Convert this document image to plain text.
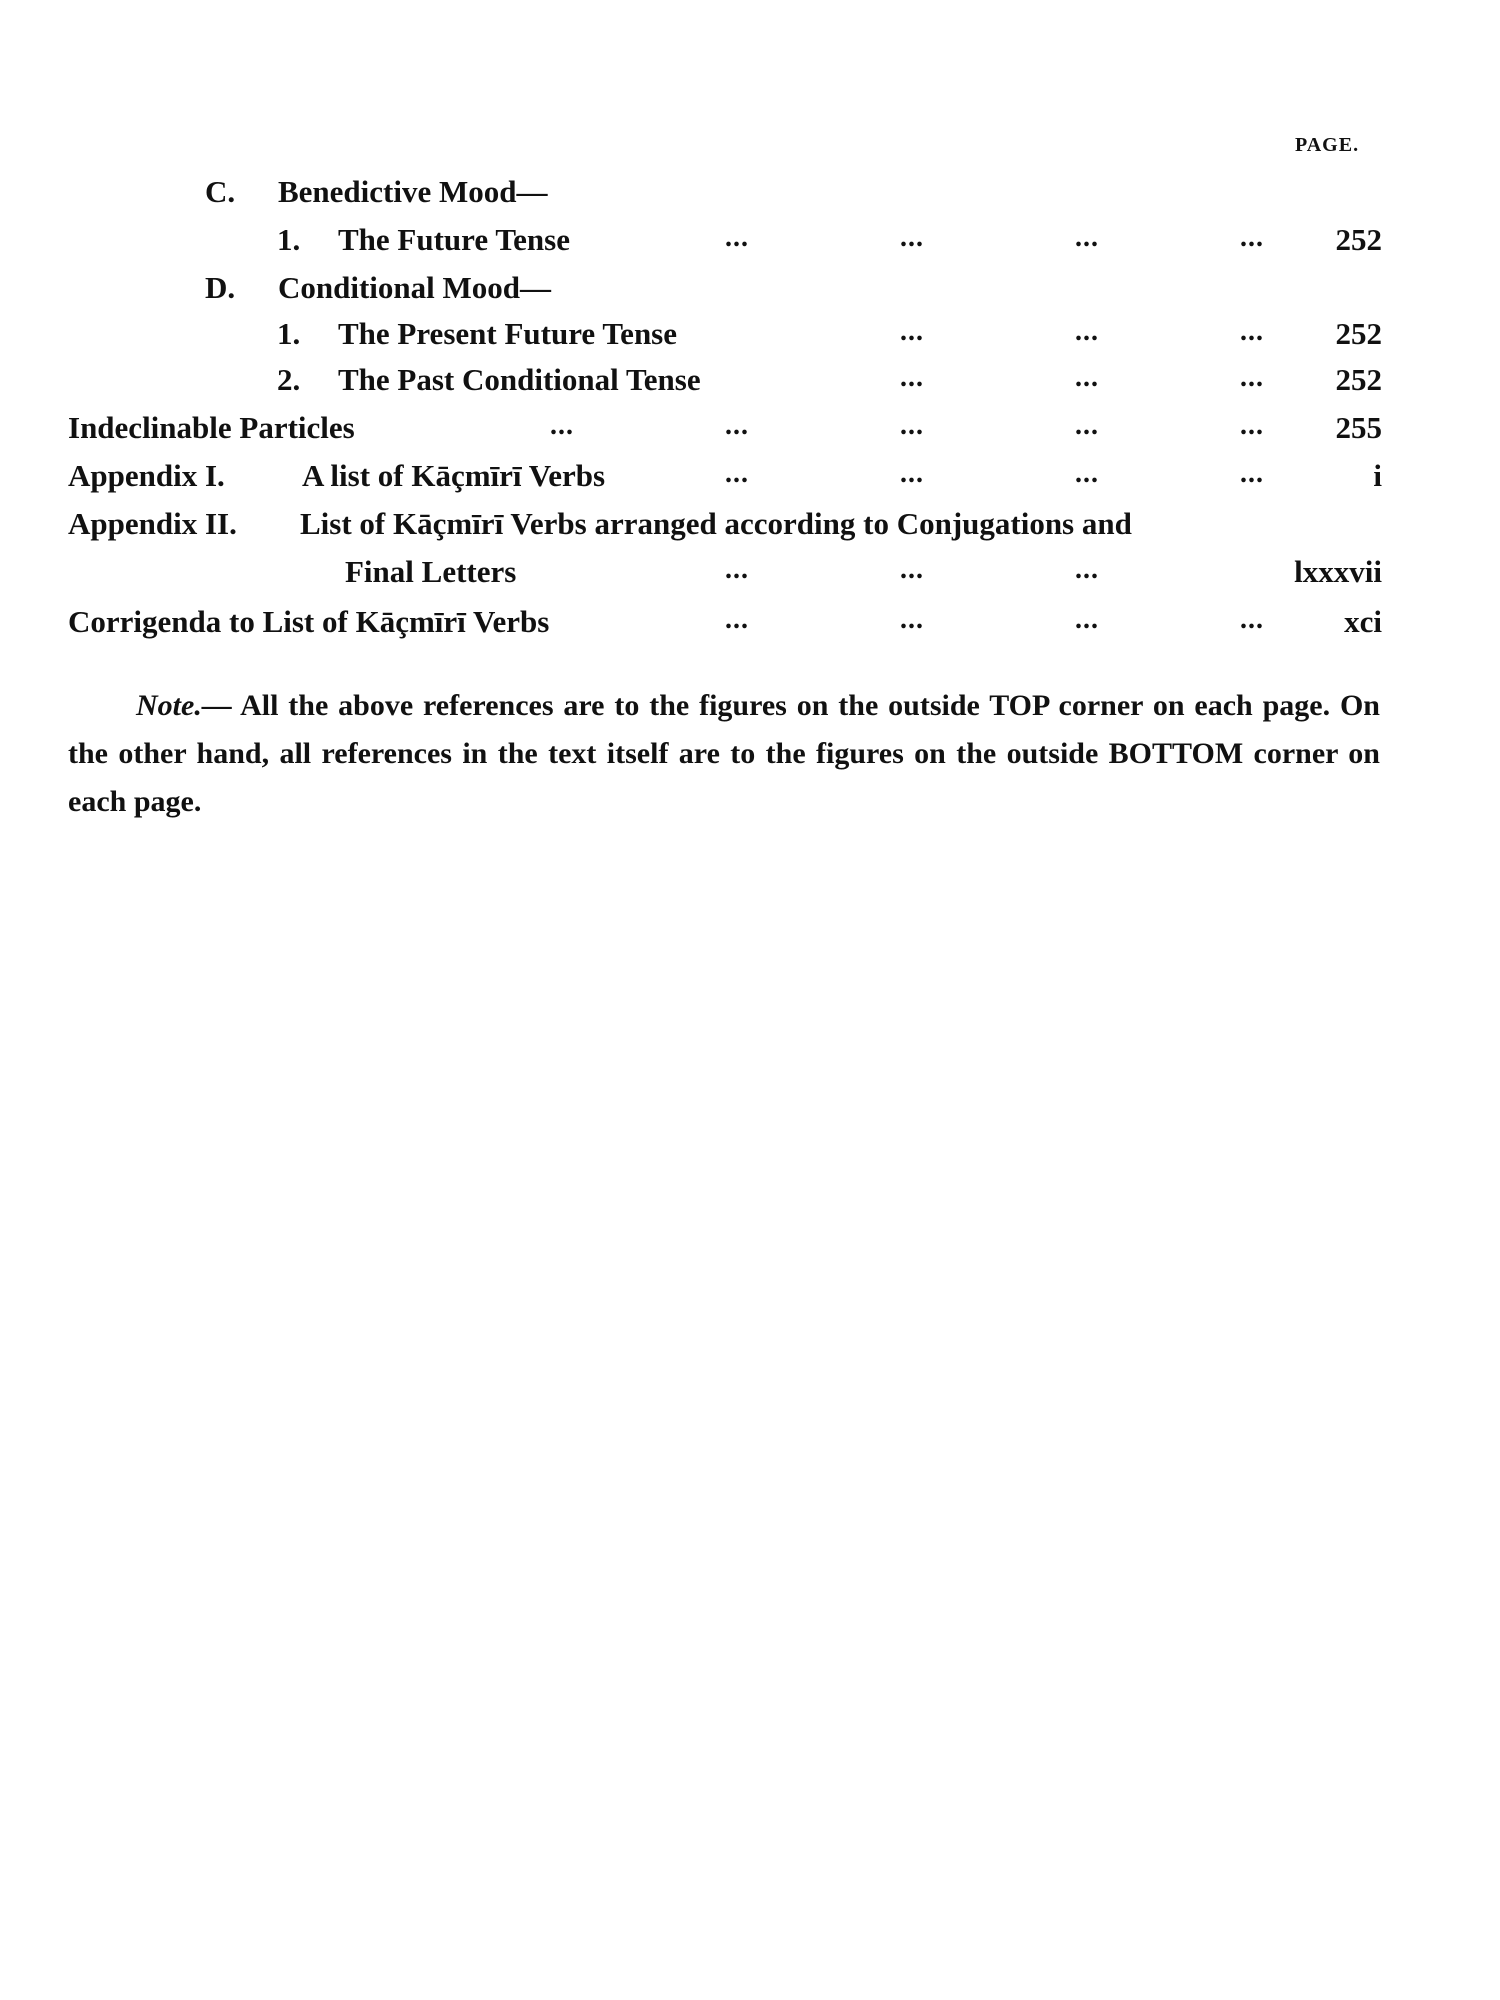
PAGE.
C. Benedictive Mood—
1. The Future Tense	...	...	...	...	252
D. Conditional Mood—
1. The Present Future Tense	...	...	...	252
2. The Past Conditional Tense	...	...	...	252
Indeclinable Particles	...	...	...	...	...	255
Appendix I. A list of Kāçmīrī Verbs	...	...	...	...	i
Appendix II. List of Kāçmīrī Verbs arranged according to Conjugations and
Final Letters	...	...	...	lxxxvii
Corrigenda to List of Kāçmīrī Verbs	...	...	...	...	xci
Note.— All the above references are to the figures on the outside TOP corner on each page. On the other hand, all references in the text itself are to the figures on the outside BOTTOM corner on each page.
